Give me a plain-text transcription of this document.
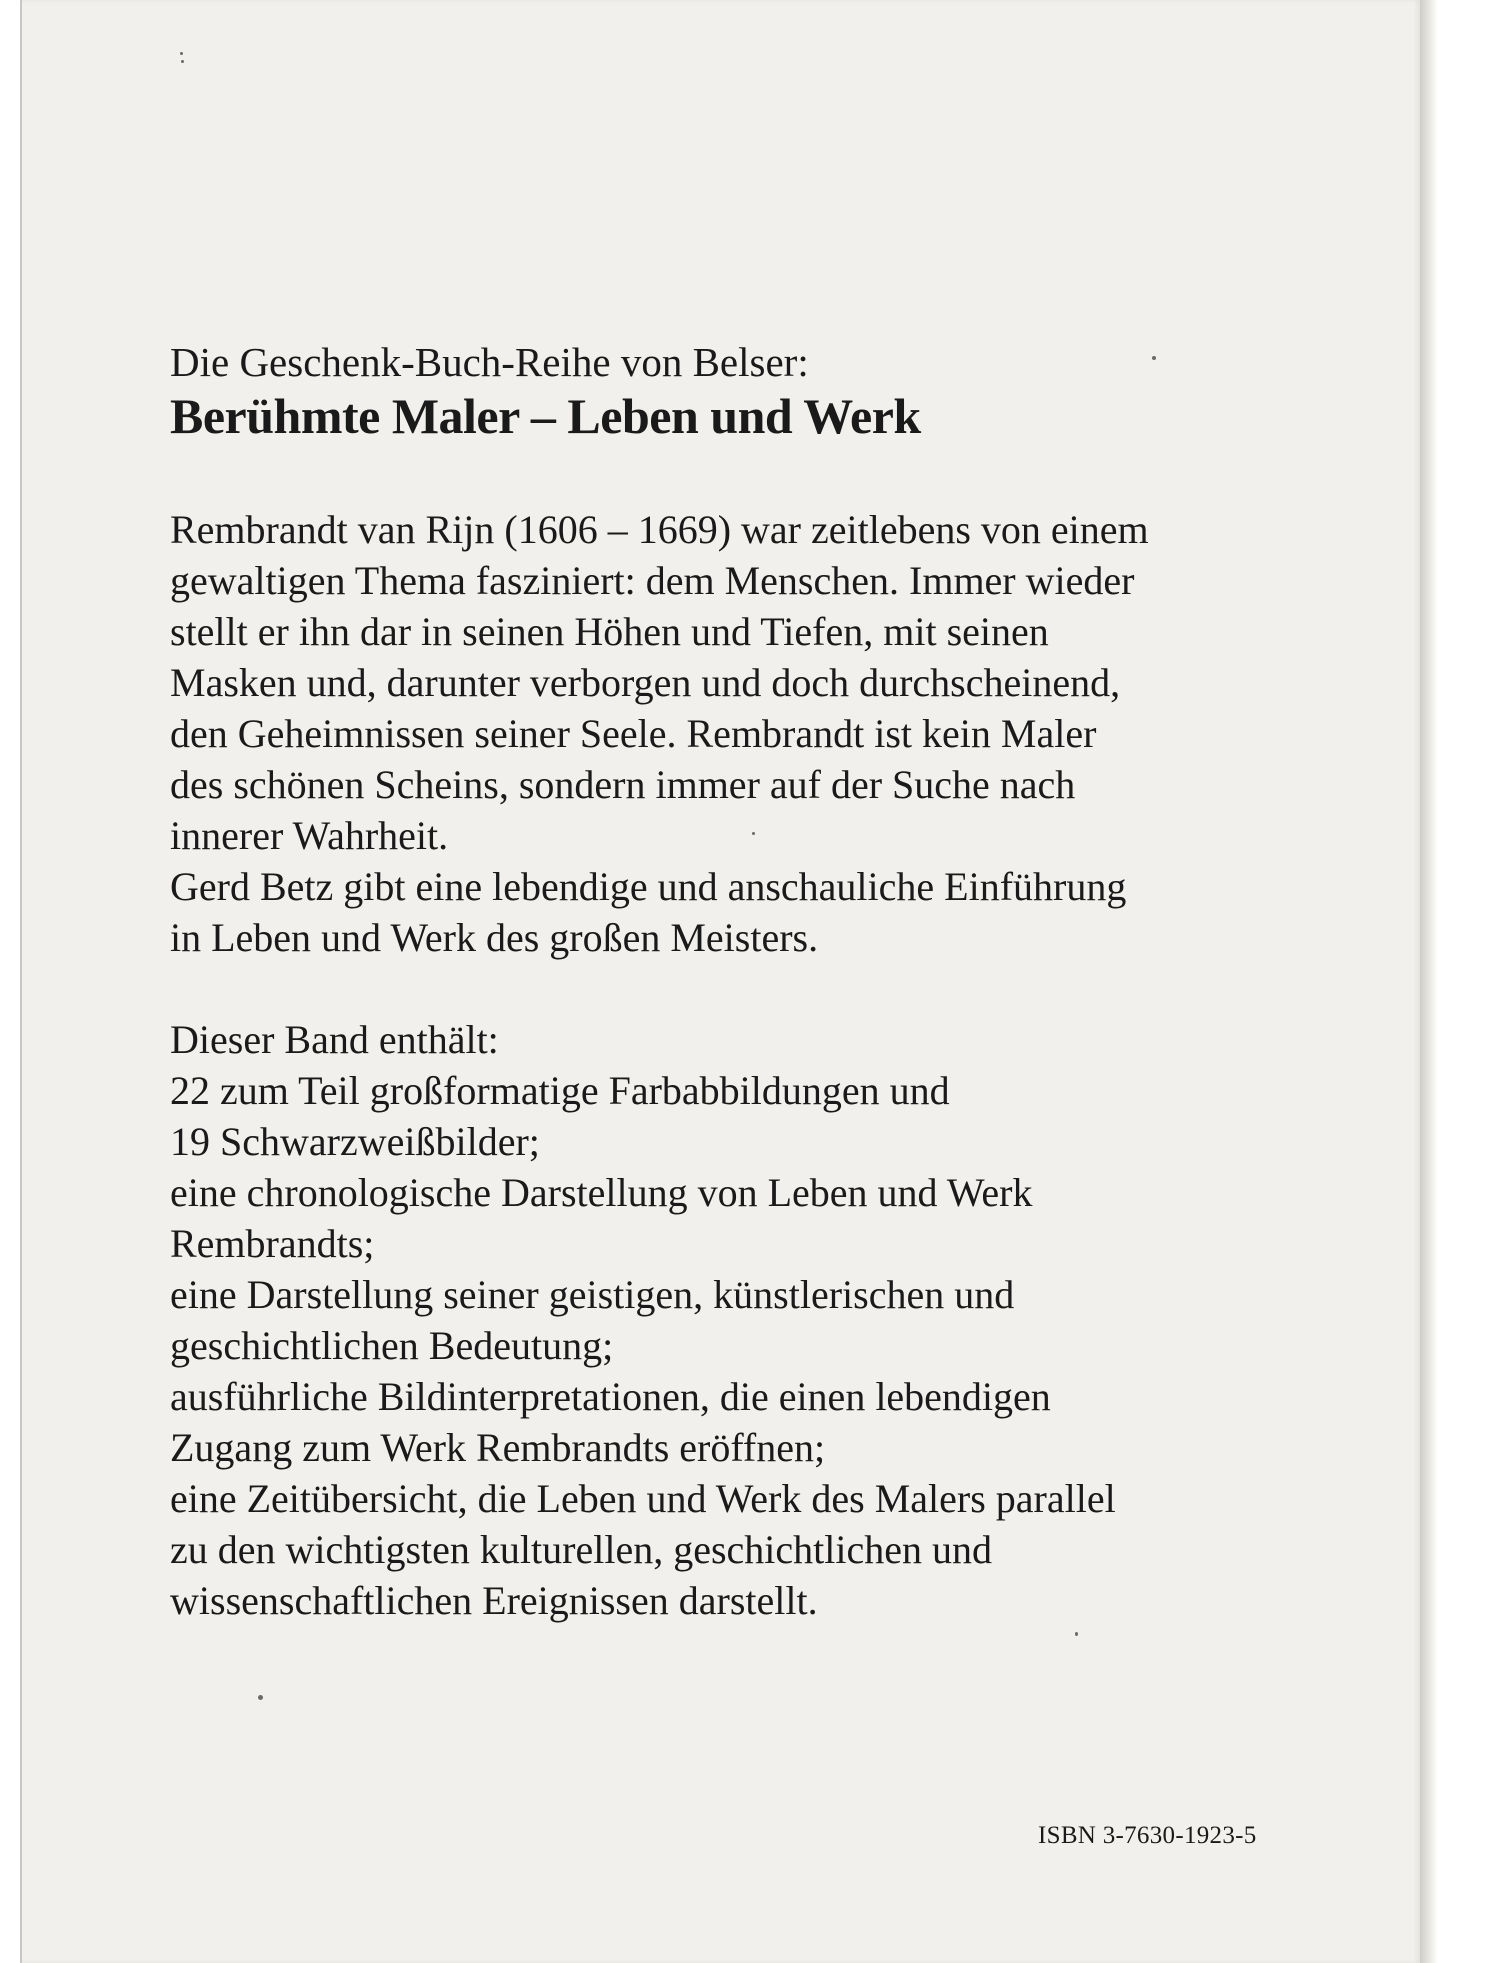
Die Geschenk-Buch-Reihe von Belser:

Berühmte Maler – Leben und Werk

Rembrandt van Rijn (1606 – 1669) war zeitlebens von einem

gewaltigen Thema fasziniert: dem Menschen. Immer wieder

stellt er ihn dar in seinen Höhen und Tiefen, mit seinen

Masken und, darunter verborgen und doch durchscheinend,

den Geheimnissen seiner Seele. Rembrandt ist kein Maler

des schönen Scheins, sondern immer auf der Suche nach

innerer Wahrheit.

Gerd Betz gibt eine lebendige und anschauliche Einführung

in Leben und Werk des großen Meisters.

Dieser Band enthält:

22 zum Teil großformatige Farbabbildungen und

19 Schwarzweißbilder;

eine chronologische Darstellung von Leben und Werk

Rembrandts;

eine Darstellung seiner geistigen, künstlerischen und

geschichtlichen Bedeutung;

ausführliche Bildinterpretationen, die einen lebendigen

Zugang zum Werk Rembrandts eröffnen;

eine Zeitübersicht, die Leben und Werk des Malers parallel

zu den wichtigsten kulturellen, geschichtlichen und

wissenschaftlichen Ereignissen darstellt.

ISBN 3-7630-1923-5
